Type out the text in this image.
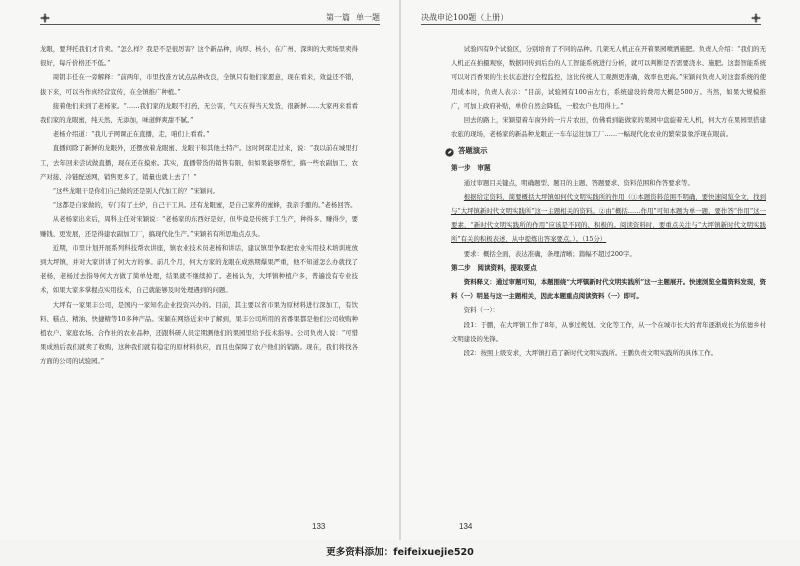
第一篇 单一题

龙眼，要拜托我们才肯卖。“怎么样？我是不是很厉害？这个新品种，肉厚、核小，在广州、深圳的大卖场里卖得很好，每斤价格还不低。”

周钥丰任在一旁解释：“前两年，市里找准方试点品种改良，全镇只有他们家愿意，现在看来，效益还不错，拔下来，可以当作真经营宣传，在全镇推广种植。”

接着他们来到了老杨家。“……我们家的龙眼不打药，无公害，气天在得当天发货，很新鲜……大家再来看看我们家的龙眼蜜，纯天然、无添加，味道鲜爽甜不腻。”

老杨介绍道：“我儿子网课正在直播，走，咱们上看看。”

直播间除了新鲜的龙眼外，还摆放着龙眼蜜、龙眼干和其他土特产。这时阿琛走过来，说：“我以前在城里打工，去年回来尝试做直播，现在还在摸索。其实，直播带货的销售有限，但如果能够帮忙，搞一些农副加工、农产对接、冷链配送网，销售更多了，销量也就上去了！”

“这些龙眼干是你们自己做的还是别人代加工的？”宋颖问。

“这都是自家做的，专门有了土炉，自己干工具。还有龙眼蜜，是自己家养的蜜蜂，我亲手酿的。”老杨回答。

从老杨家出来后，周科主任对宋颖说：“老杨家的东西好是好，但毕竟是传统手工生产，种得多、赚得少，要赚钱、更发展，还是得建农副加工厂，搞现代化生产。”宋颖若有所思地点点头。

近期，市里计划开展系列科技帮农讲座，镇农业技术员老杨和讲话，建议镇里争取把农业实用技术培训班放到大坪镇，并对大家讲讲了何大方的事。前几个月，何大方家的龙眼在成熟期爆果严重，他不知道怎么办就找了老杨，老杨过去指导何大方做了简单处理，结果就不继续掉了。老杨认为，大坪镇种植户多，普遍没有专业技术，如果大家多掌握点实用技术，自己就能够及时处理遇到的问题。

大坪有一家果丰公司，是国内一家知名企业投资兴办的。目前，其主要以省市果为原材料进行深加工，有饮料、糕点、精油、快捷精等10多种产品。宋颖在网络近来中了解到，果丰公司所用的省番果都是他们公司收购种植农户、家庭农场、合作社的农业品种，还跟科研人员定期测他们的果园里给予技术指导。公司负责人说：“可惜果成熟后我们就卖了收购，这种我们就有稳定的原材料供应，而且也保障了农户他们的销路。现在，我们将找各方面的公司的试验园。”

133
决战申论100题（上册）

试验四有9个试验区，分别培育了不同的品种。几架无人机正在开着果园喷洒施肥。负责人介绍：“我们的无人机正在拍摄观察，数据同传到后台的人工智能系统进行分析，就可以判断是否需要浇水、施肥。这套智能系统可以对百香果的生长状态进行全程监控，这比传统人工观测更准确，效率也更高。”宋颖问负责人对这套系统的使用成本时，负责人表示：“目前，试验园有100亩左右，系统建设的费用大概是500万。当然，如果大规模推广，可加上政府补贴，单价自然会降低，一般农户也用得上。”

回去的路上，宋颖望着车窗外的一片片农田，仿佛看到能做家的果园中盘旋着无人机，何大方在果园里搭建农旅的现场，老杨家的新品种龙眼正一车车运往加工厂……一幅现代化农业的繁荣景象浮现在眼前。

答题演示

第一步　审题

通过审题目关键点，明确题型、题目的主题、答题要求、资料范围和作答要求等。

根据给定资料，简要概括大坪镇如何代文明实践所的作用（①本题资料范围不明确，要快速阅览全文，找到与“大坪镇新时代文明实践所”这一主题相关的资料。②由“概括……作用”可知本题为单一题，要作答“作用”这一要素，“新时代文明实践所的作用”应该是不同的、积极的。阅读资料时，要重点关注与“大坪镇新时代文明实践所”有关的积极表述，从中提炼出答案要点。）。（15分）

要求：概括全面，表达准确，条理清晰；篇幅不超过200字。

第二步　阅读资料，提取要点

资料释义：通过审题可知，本题围绕“大坪镇新时代文明实践所”这一主题展开。快速浏览全篇资料发现，资料（一）明显与这一主题相关，因此本题重点阅读资料（一）即可。

资料（一）：

段1：于鹏，在大坪镇工作了8年，从事过规划、文化等工作，从一个在城市长大的青年逐渐成长为依德乡村文明建设的先锋。

段2：按照上级安求，大坪镇打造了新时代文明实践所。王鹏负责文明实践所的具体工作。

134
更多资料添加：feifeixuejie520
